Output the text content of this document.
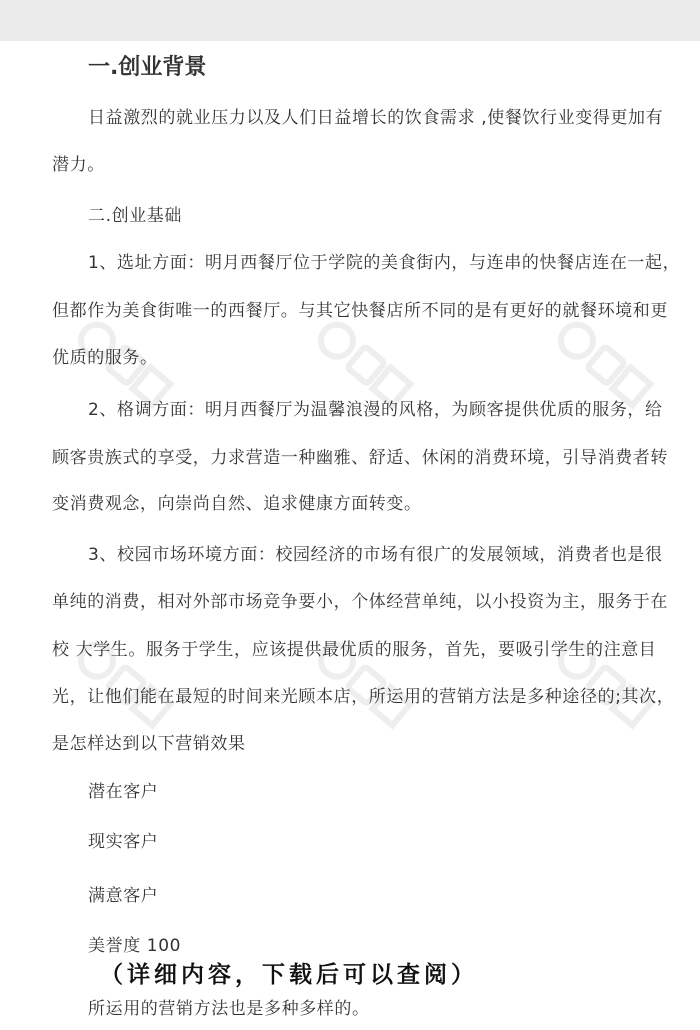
一.创业背景
日益激烈的就业压力以及人们日益增长的饮食需求 ,使餐饮行业变得更加有
潜力。
二.创业基础
1、选址方面：明月西餐厅位于学院的美食街内，与连串的快餐店连在一起，
但都作为美食街唯一的西餐厅。与其它快餐店所不同的是有更好的就餐环境和更
优质的服务。
2、格调方面：明月西餐厅为温馨浪漫的风格，为顾客提供优质的服务，给
顾客贵族式的享受，力求营造一种幽雅、舒适、休闲的消费环境，引导消费者转
变消费观念，向崇尚自然、追求健康方面转变。
3、校园市场环境方面：校园经济的市场有很广的发展领域，消费者也是很
单纯的消费，相对外部市场竞争要小，个体经营单纯，以小投资为主，服务于在
校 大学生。服务于学生，应该提供最优质的服务，首先，要吸引学生的注意目
光，让他们能在最短的时间来光顾本店，所运用的营销方法是多种途径的;其次，
是怎样达到以下营销效果
潜在客户
现实客户
满意客户
美誉度 100
所运用的营销方法也是多种多样的。
（详细内容，下载后可以查阅）
